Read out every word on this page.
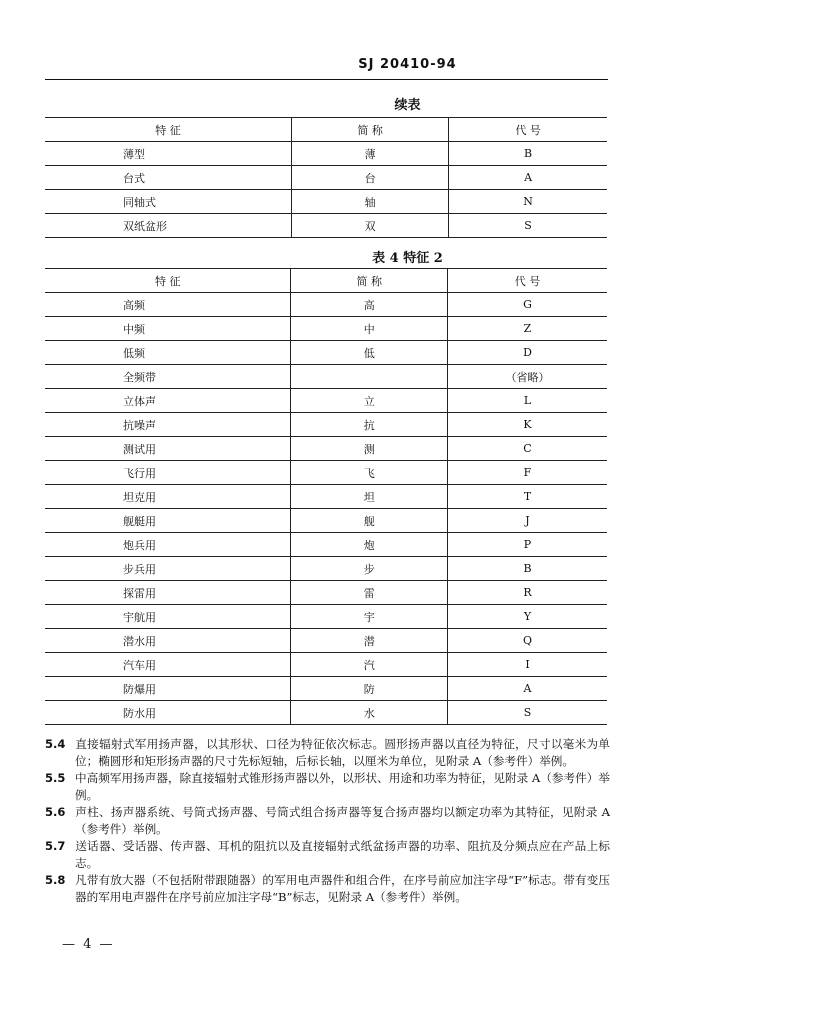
SJ 20410-94
续表
特 征	简 称	代 号
薄型	薄	B
台式	台	A
同轴式	轴	N
双纸盆形	双	S
表 4 特征 2
特 征	简 称	代 号
高频	高	G
中频	中	Z
低频	低	D
全频带		（省略）
立体声	立	L
抗噪声	抗	K
测试用	测	C
飞行用	飞	F
坦克用	坦	T
舰艇用	舰	J
炮兵用	炮	P
步兵用	步	B
探雷用	雷	R
宇航用	宇	Y
潜水用	潜	Q
汽车用	汽	I
防爆用	防	A
防水用	水	S

5.4 直接辐射式军用扬声器，以其形状、口径为特征依次标志。圆形扬声器以直径为特征，尺寸以毫米为单位；椭圆形和矩形扬声器的尺寸先标短轴，后标长轴，以厘米为单位，见附录 A（参考件）举例。

5.5 中高频军用扬声器，除直接辐射式锥形扬声器以外，以形状、用途和功率为特征，见附录 A（参考件）举例。

5.6 声柱、扬声器系统、号筒式扬声器、号筒式组合扬声器等复合扬声器均以额定功率为其特征，见附录 A（参考件）举例。

5.7 送话器、受话器、传声器、耳机的阻抗以及直接辐射式纸盆扬声器的功率、阻抗及分频点应在产品上标志。

5.8 凡带有放大器（不包括附带跟随器）的军用电声器件和组合件，在序号前应加注字母“F”标志。带有变压器的军用电声器件在序号前应加注字母“B”标志，见附录 A（参考件）举例。

— 4 —
